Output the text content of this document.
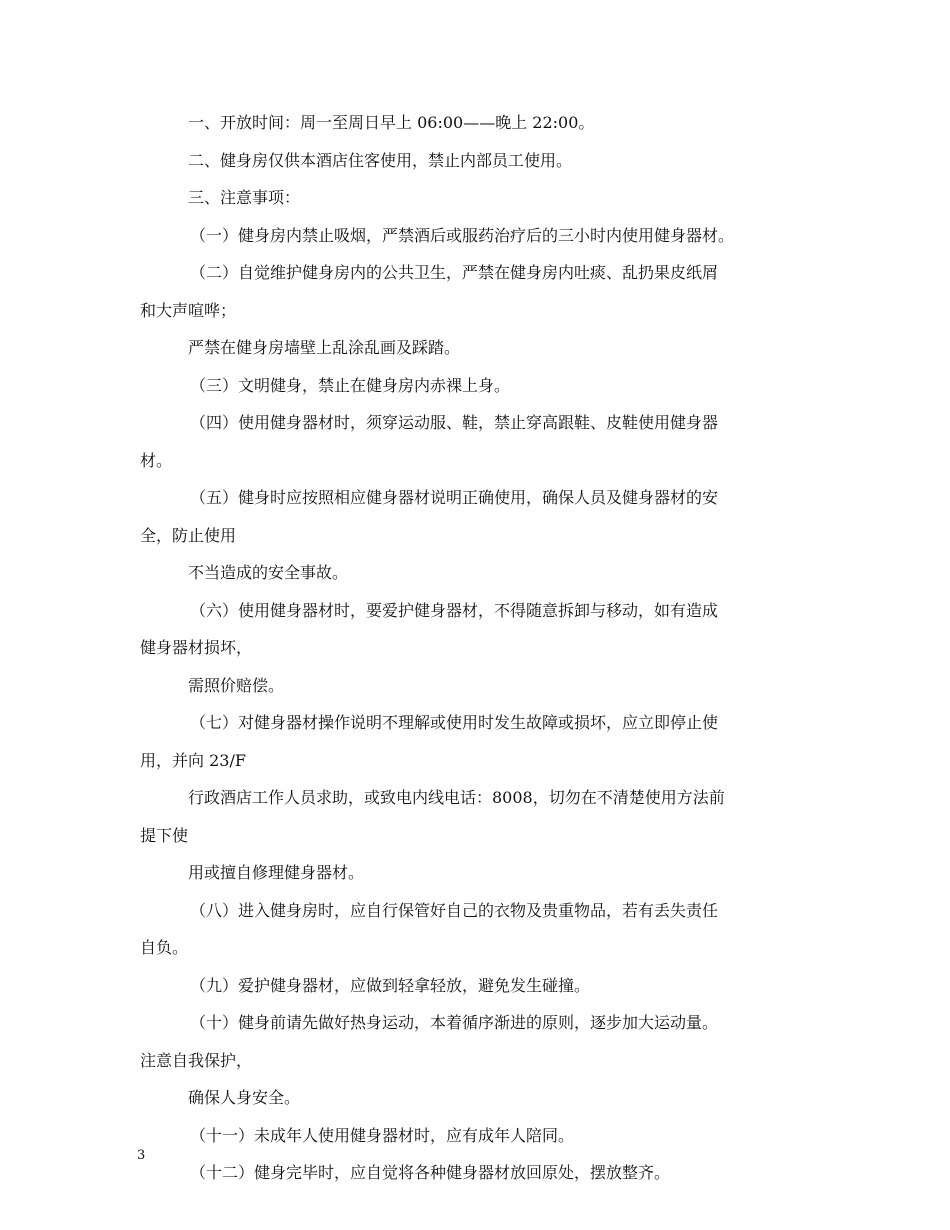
一、开放时间：周一至周日早上 06:00——晚上 22:00。
二、健身房仅供本酒店住客使用，禁止内部员工使用。
三、注意事项：
（一）健身房内禁止吸烟，严禁酒后或服药治疗后的三小时内使用健身器材。
（二）自觉维护健身房内的公共卫生，严禁在健身房内吐痰、乱扔果皮纸屑
和大声喧哗；
严禁在健身房墙壁上乱涂乱画及踩踏。
（三）文明健身，禁止在健身房内赤裸上身。
（四）使用健身器材时，须穿运动服、鞋，禁止穿高跟鞋、皮鞋使用健身器
材。
（五）健身时应按照相应健身器材说明正确使用，确保人员及健身器材的安
全，防止使用
不当造成的安全事故。
（六）使用健身器材时，要爱护健身器材，不得随意拆卸与移动，如有造成
健身器材损坏，
需照价赔偿。
（七）对健身器材操作说明不理解或使用时发生故障或损坏，应立即停止使
用，并向 23/F
行政酒店工作人员求助，或致电内线电话：8008，切勿在不清楚使用方法前
提下使
用或擅自修理健身器材。
（八）进入健身房时，应自行保管好自己的衣物及贵重物品，若有丢失责任
自负。
（九）爱护健身器材，应做到轻拿轻放，避免发生碰撞。
（十）健身前请先做好热身运动，本着循序渐进的原则，逐步加大运动量。
注意自我保护，
确保人身安全。
（十一）未成年人使用健身器材时，应有成年人陪同。
（十二）健身完毕时，应自觉将各种健身器材放回原处，摆放整齐。
3
